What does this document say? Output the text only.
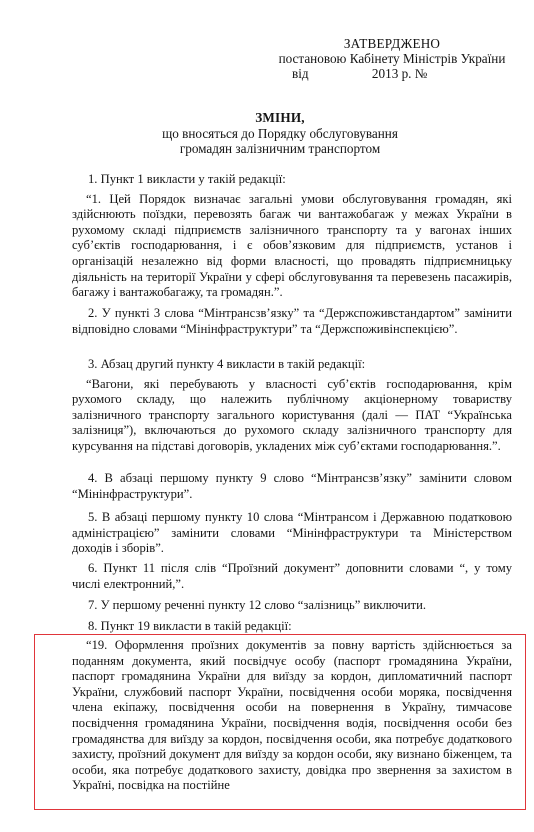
ЗАТВЕРДЖЕНО
постановою Кабінету Міністрів України
від	2013 р. №
ЗМІНИ,
що вносяться до Порядку обслуговування
громадян залізничним транспортом

1. Пункт 1 викласти у такій редакції:

“1. Цей Порядок визначає загальні умови обслуговування громадян, які здійснюють поїздки, перевозять багаж чи вантажобагаж у межах України в рухомому складі підприємств залізничного транспорту та у вагонах інших суб’єктів господарювання, і є обов’язковим для підприємств, установ і організацій незалежно від форми власності, що провадять підприємницьку діяльність на території України у сфері обслуговування та перевезень пасажирів, багажу і вантажобагажу, та громадян.”.

2. У пункті 3 слова “Мінтрансзв’язку” та “Держспоживстандартом” замінити відповідно словами “Мінінфраструктури” та “Держспоживінспекцією”.

3. Абзац другий пункту 4 викласти в такій редакції:

“Вагони, які перебувають у власності суб’єктів господарювання, крім рухомого складу, що належить публічному акціонерному товариству залізничного транспорту загального користування (далі — ПАТ “Українська залізниця”), включаються до рухомого складу залізничного транспорту для курсування на підставі договорів, укладених між суб’єктами господарювання.”.

4. В абзаці першому пункту 9 слово “Мінтрансзв’язку” замінити словом “Мінінфраструктури”.

5. В абзаці першому пункту 10 слова “Мінтрансом і Державною податковою адміністрацією” замінити словами “Мінінфраструктури та Міністерством доходів і зборів”.

6. Пункт 11 після слів “Проїзний документ” доповнити словами “, у тому числі електронний,”.

7. У першому реченні пункту 12 слово “залізниць” виключити.

8. Пункт 19 викласти в такій редакції:

“19. Оформлення проїзних документів за повну вартість здійснюється за поданням документа, який посвідчує особу (паспорт громадянина України, паспорт громадянина України для виїзду за кордон, дипломатичний паспорт України, службовий паспорт України, посвідчення особи моряка, посвідчення члена екіпажу, посвідчення особи на повернення в Україну, тимчасове посвідчення громадянина України, посвідчення водія, посвідчення особи без громадянства для виїзду за кордон, посвідчення особи, яка потребує додаткового захисту, проїзний документ для виїзду за кордон особи, яку визнано біженцем, та особи, яка потребує додаткового захисту, довідка про звернення за захистом в Україні, посвідка на постійне
